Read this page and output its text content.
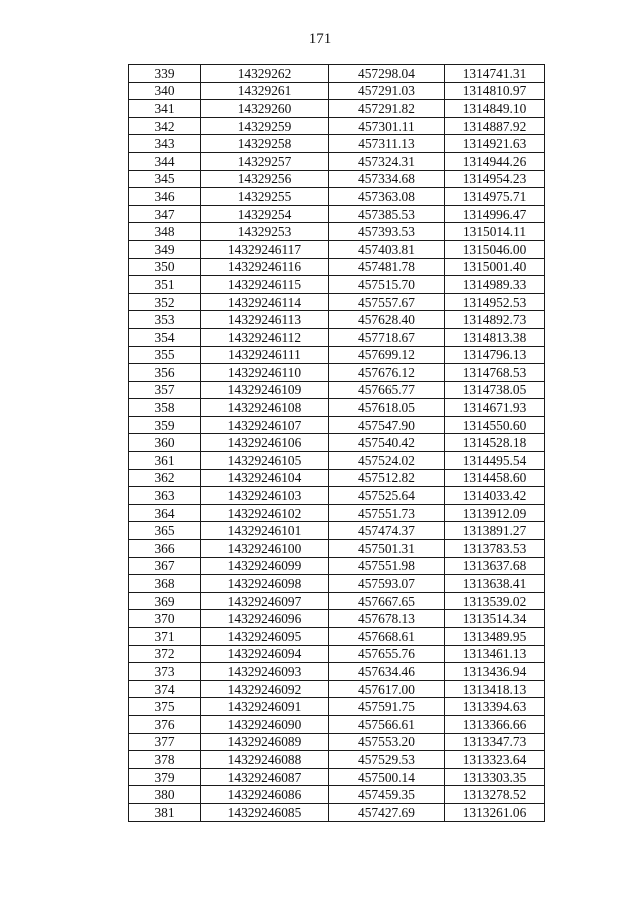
171
339	14329262	457298.04	1314741.31
340	14329261	457291.03	1314810.97
341	14329260	457291.82	1314849.10
342	14329259	457301.11	1314887.92
343	14329258	457311.13	1314921.63
344	14329257	457324.31	1314944.26
345	14329256	457334.68	1314954.23
346	14329255	457363.08	1314975.71
347	14329254	457385.53	1314996.47
348	14329253	457393.53	1315014.11
349	14329246117	457403.81	1315046.00
350	14329246116	457481.78	1315001.40
351	14329246115	457515.70	1314989.33
352	14329246114	457557.67	1314952.53
353	14329246113	457628.40	1314892.73
354	14329246112	457718.67	1314813.38
355	14329246111	457699.12	1314796.13
356	14329246110	457676.12	1314768.53
357	14329246109	457665.77	1314738.05
358	14329246108	457618.05	1314671.93
359	14329246107	457547.90	1314550.60
360	14329246106	457540.42	1314528.18
361	14329246105	457524.02	1314495.54
362	14329246104	457512.82	1314458.60
363	14329246103	457525.64	1314033.42
364	14329246102	457551.73	1313912.09
365	14329246101	457474.37	1313891.27
366	14329246100	457501.31	1313783.53
367	14329246099	457551.98	1313637.68
368	14329246098	457593.07	1313638.41
369	14329246097	457667.65	1313539.02
370	14329246096	457678.13	1313514.34
371	14329246095	457668.61	1313489.95
372	14329246094	457655.76	1313461.13
373	14329246093	457634.46	1313436.94
374	14329246092	457617.00	1313418.13
375	14329246091	457591.75	1313394.63
376	14329246090	457566.61	1313366.66
377	14329246089	457553.20	1313347.73
378	14329246088	457529.53	1313323.64
379	14329246087	457500.14	1313303.35
380	14329246086	457459.35	1313278.52
381	14329246085	457427.69	1313261.06
